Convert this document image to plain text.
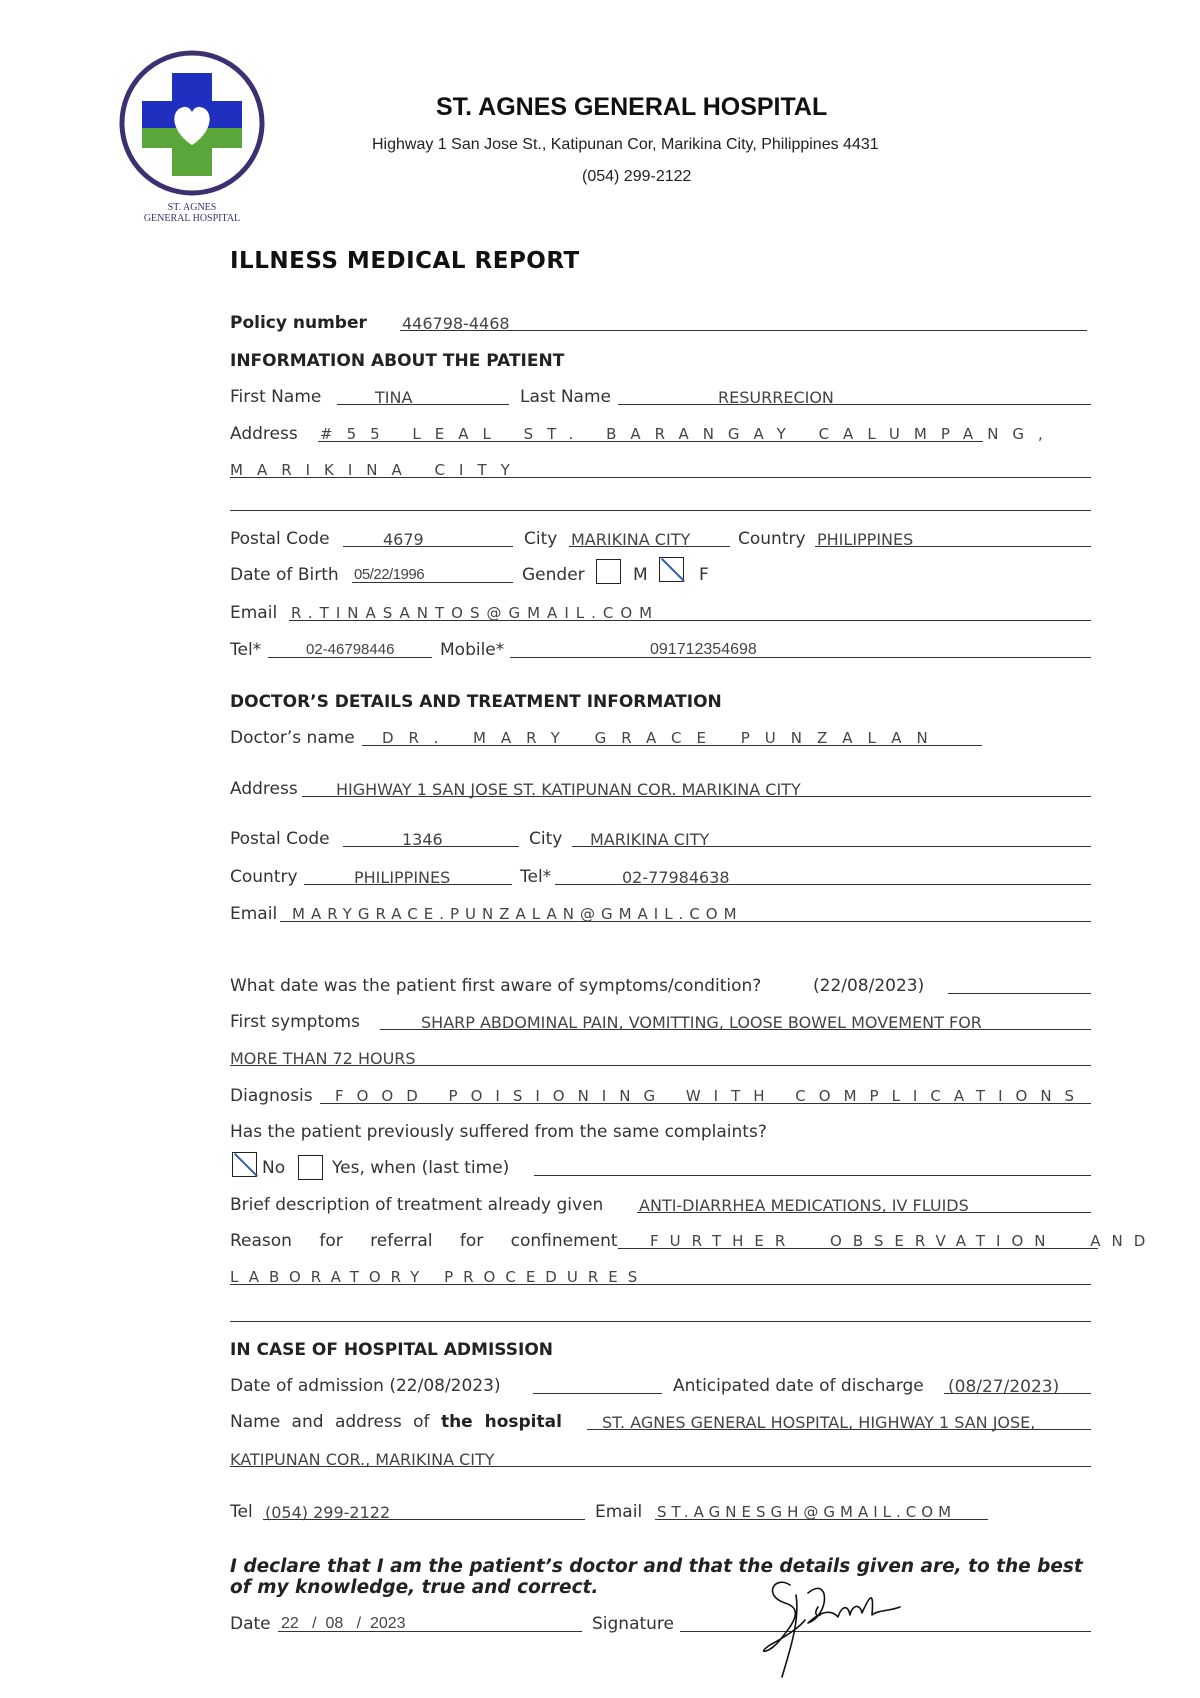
ST. AGNES
GENERAL HOSPITAL
ST. AGNES GENERAL HOSPITAL
Highway 1 San Jose St., Katipunan Cor, Marikina City, Philippines 4431
(054) 299-2122
ILLNESS MEDICAL REPORT
Policy number 446798-4468
INFORMATION ABOUT THE PATIENT
First Name	TINA	Last Name	RESURRECION
Address #55 LEAL ST. BARANGAY CALUMPANG,
MARIKINA CITY
Postal Code	4679	City MARIKINA CITY	Country PHILIPPINES
Date of Birth 05/22/1996	Gender	M	F
Email R.TINASANTOS@GMAIL.COM
Tel*	02-46798446	Mobile*	091712354698
DOCTOR’S DETAILS AND TREATMENT INFORMATION
Doctor’s name DR. MARY GRACE PUNZALAN
Address HIGHWAY 1 SAN JOSE ST. KATIPUNAN COR. MARIKINA CITY
Postal Code	1346	City MARIKINA CITY
Country	PHILIPPINES	Tel*	02-77984638
Email MARYGRACE.PUNZALAN@GMAIL.COM
What date was the patient first aware of symptoms/condition?	(22/08/2023)
First symptoms	SHARP ABDOMINAL PAIN, VOMITTING, LOOSE BOWEL MOVEMENT FOR
MORE THAN 72 HOURS
Diagnosis FOOD POISIONING WITH COMPLICATIONS
Has the patient previously suffered from the same complaints?
No	Yes, when (last time)
Brief description of treatment already given ANTI-DIARRHEA MEDICATIONS, IV FLUIDS
Reason for referral for confinement FURTHER OBSERVATION AND
LABORATORY PROCEDURES
IN CASE OF HOSPITAL ADMISSION
Date of admission (22/08/2023)	Anticipated date of discharge (08/27/2023)
Name and address of the hospital	ST. AGNES GENERAL HOSPITAL, HIGHWAY 1 SAN JOSE,
KATIPUNAN COR., MARIKINA CITY
Tel (054) 299-2122	Email ST.AGNESGH@GMAIL.COM
I declare that I am the patient’s doctor and that the details given are, to the best of my knowledge, true and correct.
Date 22   /  08   /  2023	Signature
